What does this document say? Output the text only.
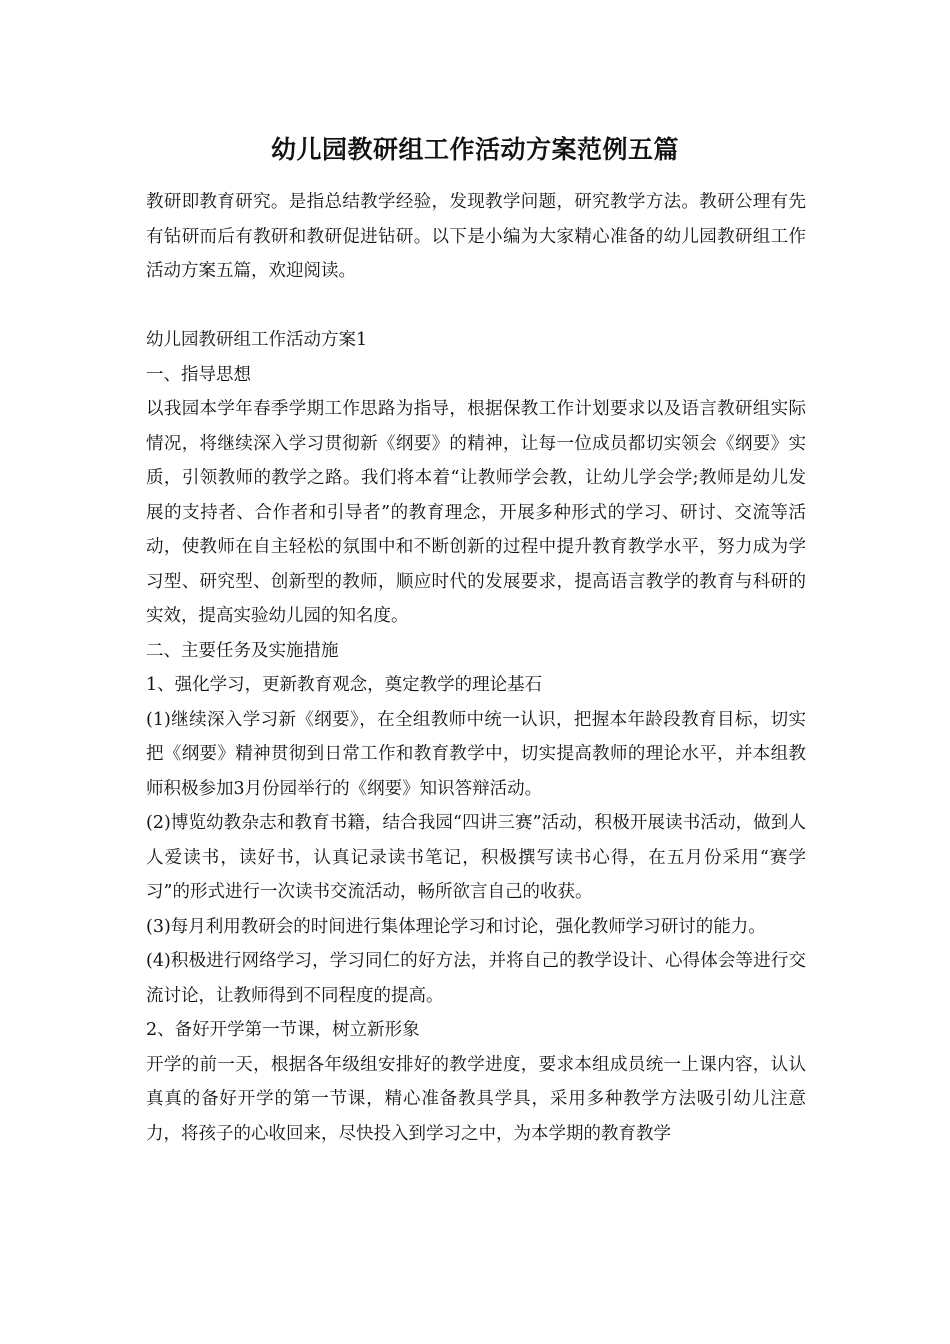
幼儿园教研组工作活动方案范例五篇

教研即教育研究。是指总结教学经验，发现教学问题，研究教学方法。教研公理有先有钻研而后有教研和教研促进钻研。以下是小编为大家精心准备的幼儿园教研组工作活动方案五篇，欢迎阅读。

幼儿园教研组工作活动方案1

一、指导思想

以我园本学年春季学期工作思路为指导，根据保教工作计划要求以及语言教研组实际情况，将继续深入学习贯彻新《纲要》的精神，让每一位成员都切实领会《纲要》实质，引领教师的教学之路。我们将本着“让教师学会教，让幼儿学会学;教师是幼儿发展的支持者、合作者和引导者”的教育理念，开展多种形式的学习、研讨、交流等活动，使教师在自主轻松的氛围中和不断创新的过程中提升教育教学水平，努力成为学习型、研究型、创新型的教师，顺应时代的发展要求，提高语言教学的教育与科研的实效，提高实验幼儿园的知名度。

二、主要任务及实施措施

1、强化学习，更新教育观念，奠定教学的理论基石

(1)继续深入学习新《纲要》，在全组教师中统一认识，把握本年龄段教育目标，切实把《纲要》精神贯彻到日常工作和教育教学中，切实提高教师的理论水平，并本组教师积极参加3月份园举行的《纲要》知识答辩活动。

(2)博览幼教杂志和教育书籍，结合我园“四讲三赛”活动，积极开展读书活动，做到人人爱读书，读好书，认真记录读书笔记，积极撰写读书心得，在五月份采用“赛学习”的形式进行一次读书交流活动，畅所欲言自己的收获。

(3)每月利用教研会的时间进行集体理论学习和讨论，强化教师学习研讨的能力。

(4)积极进行网络学习，学习同仁的好方法，并将自己的教学设计、心得体会等进行交流讨论，让教师得到不同程度的提高。

2、备好开学第一节课，树立新形象

开学的前一天，根据各年级组安排好的教学进度，要求本组成员统一上课内容，认认真真的备好开学的第一节课，精心准备教具学具，采用多种教学方法吸引幼儿注意力，将孩子的心收回来，尽快投入到学习之中，为本学期的教育教学
